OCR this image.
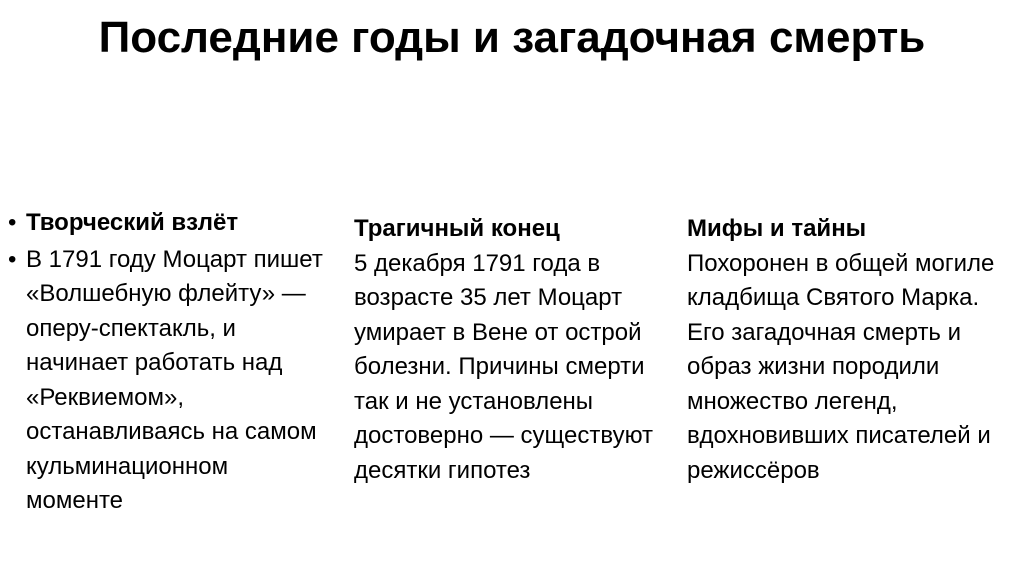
Последние годы и загадочная смерть
• Творческий взлёт
• В 1791 году Моцарт пишет «Волшебную флейту» — оперу-спектакль, и начинает работать над «Реквиемом», останавливаясь на самом кульминационном моменте
Трагичный конец

5 декабря 1791 года в возрасте 35 лет Моцарт умирает в Вене от острой болезни. Причины смерти так и не установлены достоверно — существуют десятки гипотез

Мифы и тайны

Похоронен в общей могиле кладбища Святого Марка. Его загадочная смерть и образ жизни породили множество легенд, вдохновивших писателей и режиссёров
